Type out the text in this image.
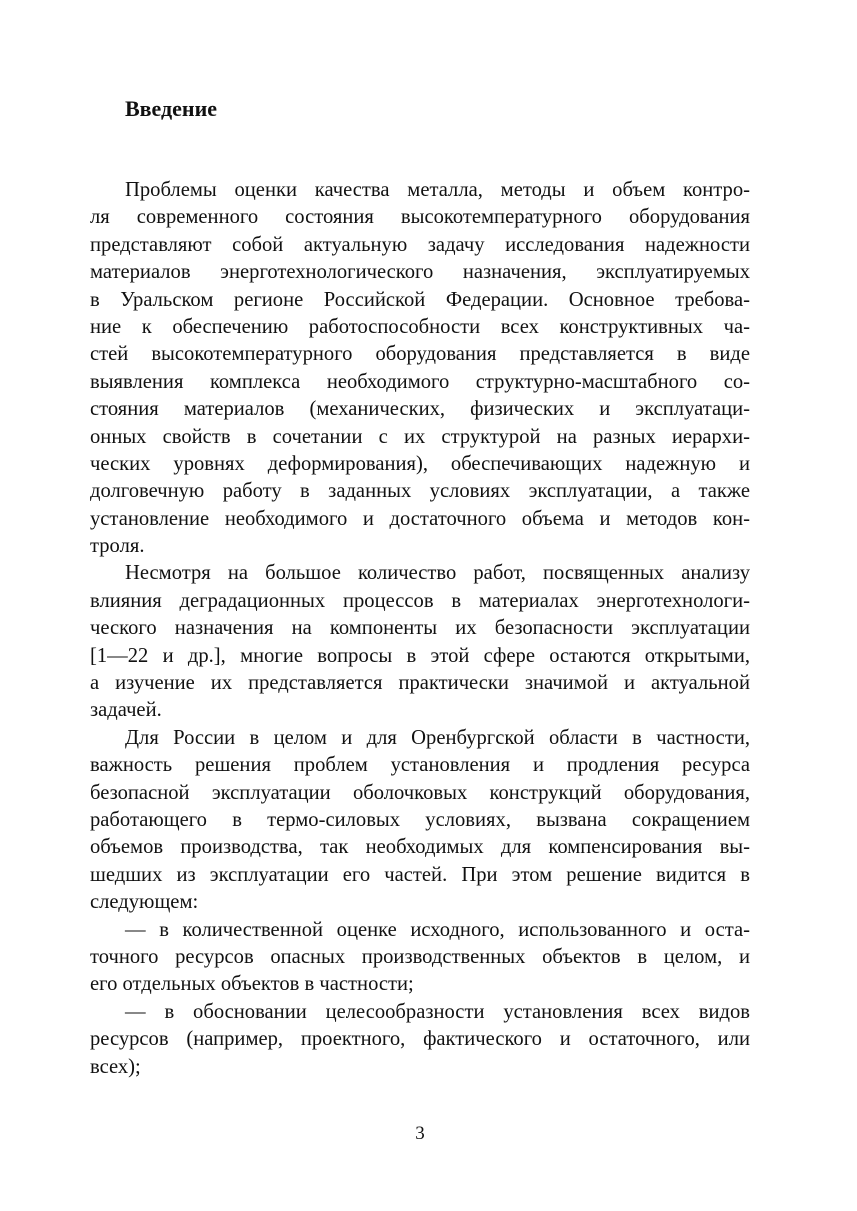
Введение
Проблемы оценки качества металла, методы и объем контро-
ля современного состояния высокотемпературного оборудования
представляют собой актуальную задачу исследования надежности
материалов энерготехнологического назначения, эксплуатируемых
в Уральском регионе Российской Федерации. Основное требова-
ние к обеспечению работоспособности всех конструктивных ча-
стей высокотемпературного оборудования представляется в виде
выявления комплекса необходимого структурно-масштабного со-
стояния материалов (механических, физических и эксплуатаци-
онных свойств в сочетании с их структурой на разных иерархи-
ческих уровнях деформирования), обеспечивающих надежную и
долговечную работу в заданных условиях эксплуатации, а также
установление необходимого и достаточного объема и методов кон-
троля.
Несмотря на большое количество работ, посвященных анализу
влияния деградационных процессов в материалах энерготехнологи-
ческого назначения на компоненты их безопасности эксплуатации
[1—22 и др.], многие вопросы в этой сфере остаются открытыми,
а изучение их представляется практически значимой и актуальной
задачей.
Для России в целом и для Оренбургской области в частности,
важность решения проблем установления и продления ресурса
безопасной эксплуатации оболочковых конструкций оборудования,
работающего в термо-силовых условиях, вызвана сокращением
объемов производства, так необходимых для компенсирования вы-
шедших из эксплуатации его частей. При этом решение видится в
следующем:
— в количественной оценке исходного, использованного и оста-
точного ресурсов опасных производственных объектов в целом, и
его отдельных объектов в частности;
— в обосновании целесообразности установления всех видов
ресурсов (например, проектного, фактического и остаточного, или
всех);
3
